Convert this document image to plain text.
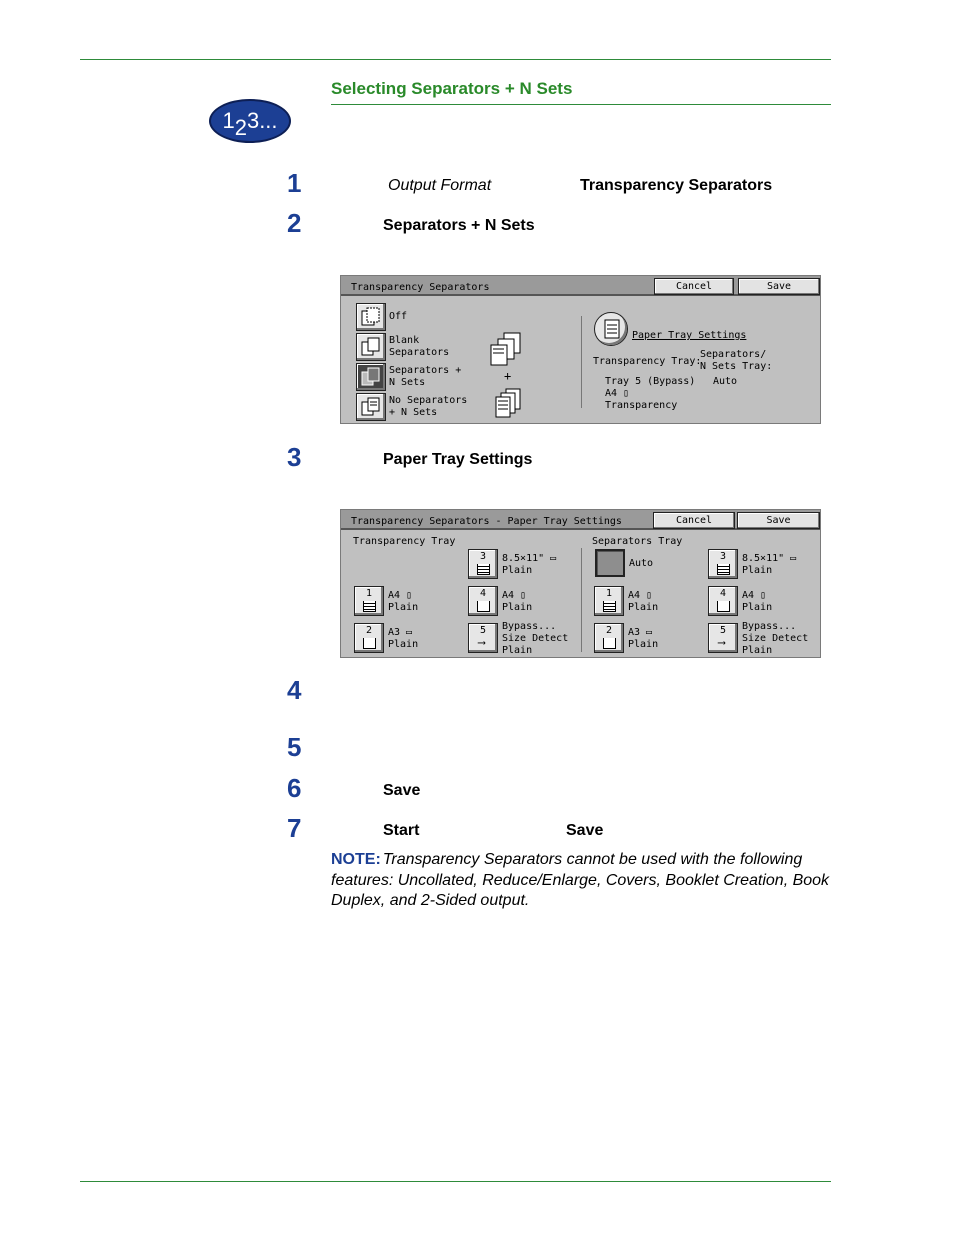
Selecting Separators + N Sets
1 2 3...
1	Output Format	Transparency Separators
2	Separators + N Sets
Transparency Separators	Cancel	Save
Off
Blank
Separators
Separators +
N Sets
No Separators
+ N Sets
+
Paper Tray Settings
Transparency Tray:
Separators/
N Sets Tray:
Tray 5 (Bypass)
A4 ▯
Transparency
Auto
3	Paper Tray Settings
Transparency Separators - Paper Tray Settings	Cancel	Save
Transparency Tray	Separators Tray
3	8.5×11" ▭
Plain
1	A4 ▯
Plain
4	A4 ▯
Plain
2	A3 ▭
Plain
5
⟶
Bypass...
Size Detect
Plain
Auto
3	8.5×11" ▭
Plain
1	A4 ▯
Plain
4	A4 ▯
Plain
2	A3 ▭
Plain
5
⟶
Bypass...
Size Detect
Plain
4
5
6	Save
7	Start	Save
NOTE: Transparency Separators cannot be used with the following features: Uncollated, Reduce/Enlarge, Covers, Booklet Creation, Book Duplex, and 2-Sided output.
